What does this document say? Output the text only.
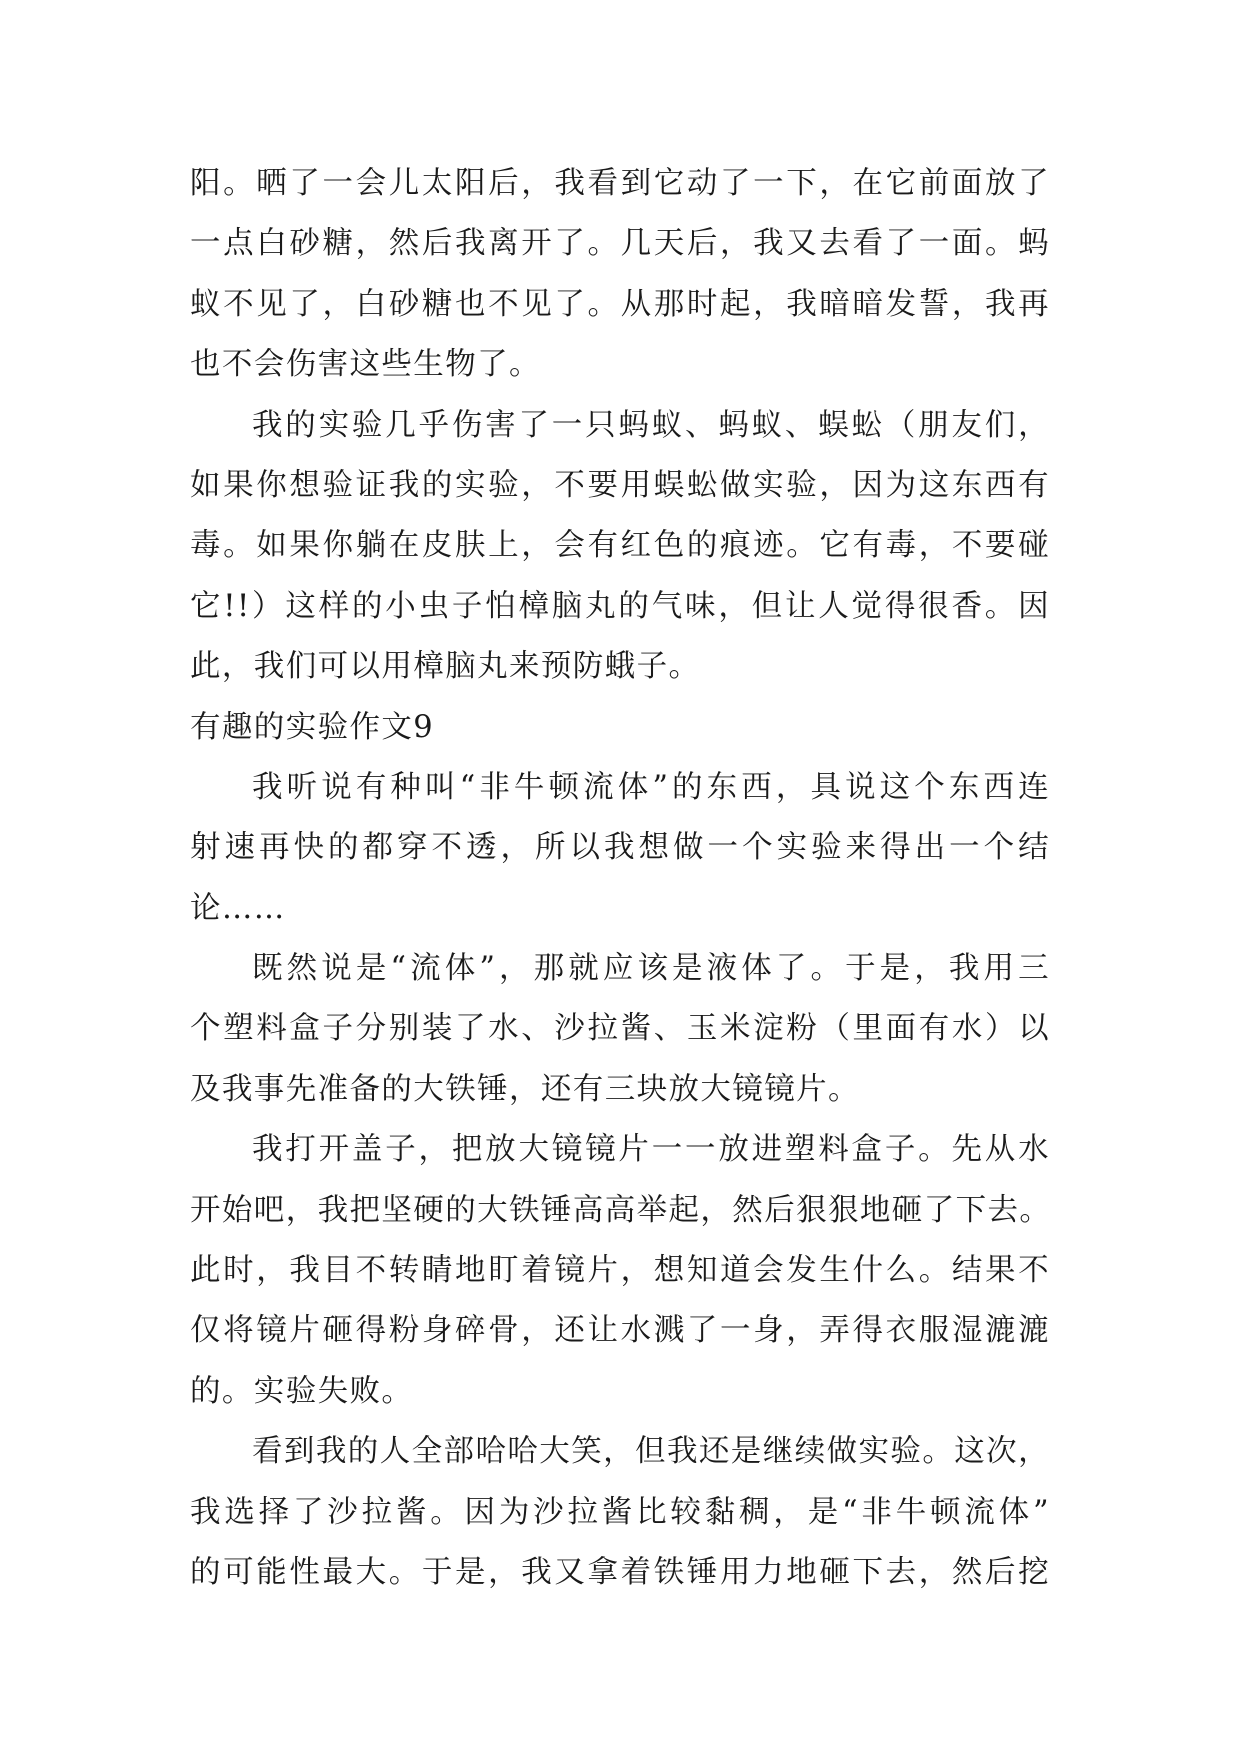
阳。晒了一会儿太阳后，我看到它动了一下，在它前面放了

一点白砂糖，然后我离开了。几天后，我又去看了一面。蚂

蚁不见了，白砂糖也不见了。从那时起，我暗暗发誓，我再

也不会伤害这些生物了。

我的实验几乎伤害了一只蚂蚁、蚂蚁、蜈蚣（朋友们，

如果你想验证我的实验，不要用蜈蚣做实验，因为这东西有

毒。如果你躺在皮肤上，会有红色的痕迹。它有毒，不要碰

它!!）这样的小虫子怕樟脑丸的气味，但让人觉得很香。因

此，我们可以用樟脑丸来预防蛾子。

有趣的实验作文9

我听说有种叫“非牛顿流体”的东西，具说这个东西连

射速再快的都穿不透，所以我想做一个实验来得出一个结

论……

既然说是“流体”，那就应该是液体了。于是，我用三

个塑料盒子分别装了水、沙拉酱、玉米淀粉（里面有水）以

及我事先准备的大铁锤，还有三块放大镜镜片。

我打开盖子，把放大镜镜片一一放进塑料盒子。先从水

开始吧，我把坚硬的大铁锤高高举起，然后狠狠地砸了下去。

此时，我目不转睛地盯着镜片，想知道会发生什么。结果不

仅将镜片砸得粉身碎骨，还让水溅了一身，弄得衣服湿漉漉

的。实验失败。

看到我的人全部哈哈大笑，但我还是继续做实验。这次，

我选择了沙拉酱。因为沙拉酱比较黏稠，是“非牛顿流体”

的可能性最大。于是，我又拿着铁锤用力地砸下去，然后挖
